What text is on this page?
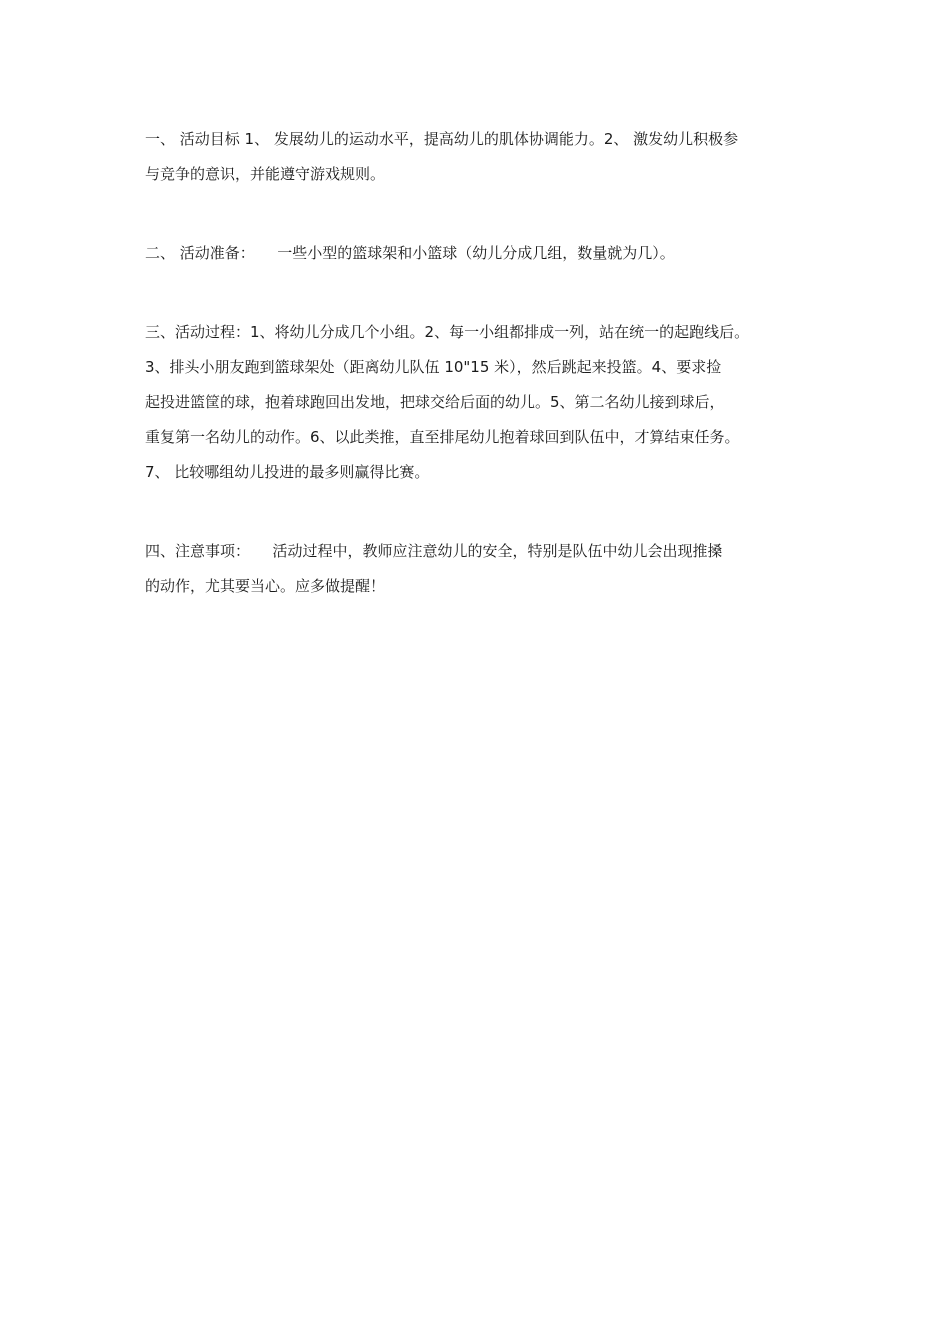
一、 活动目标 1、 发展幼儿的运动水平，提高幼儿的肌体协调能力。2、 激发幼儿积极参
与竞争的意识，并能遵守游戏规则。
二、 活动准备：　　一些小型的篮球架和小篮球（幼儿分成几组，数量就为几）。
三、活动过程：1、将幼儿分成几个小组。2、每一小组都排成一列，站在统一的起跑线后。
3、排头小朋友跑到篮球架处（距离幼儿队伍 10"15 米），然后跳起来投篮。4、要求捡
起投进篮筐的球，抱着球跑回出发地，把球交给后面的幼儿。5、第二名幼儿接到球后，
重复第一名幼儿的动作。6、以此类推，直至排尾幼儿抱着球回到队伍中，才算结束任务。
7、 比较哪组幼儿投进的最多则赢得比赛。
四、注意事项：　　活动过程中，教师应注意幼儿的安全，特别是队伍中幼儿会出现推搡
的动作，尤其要当心。应多做提醒！
